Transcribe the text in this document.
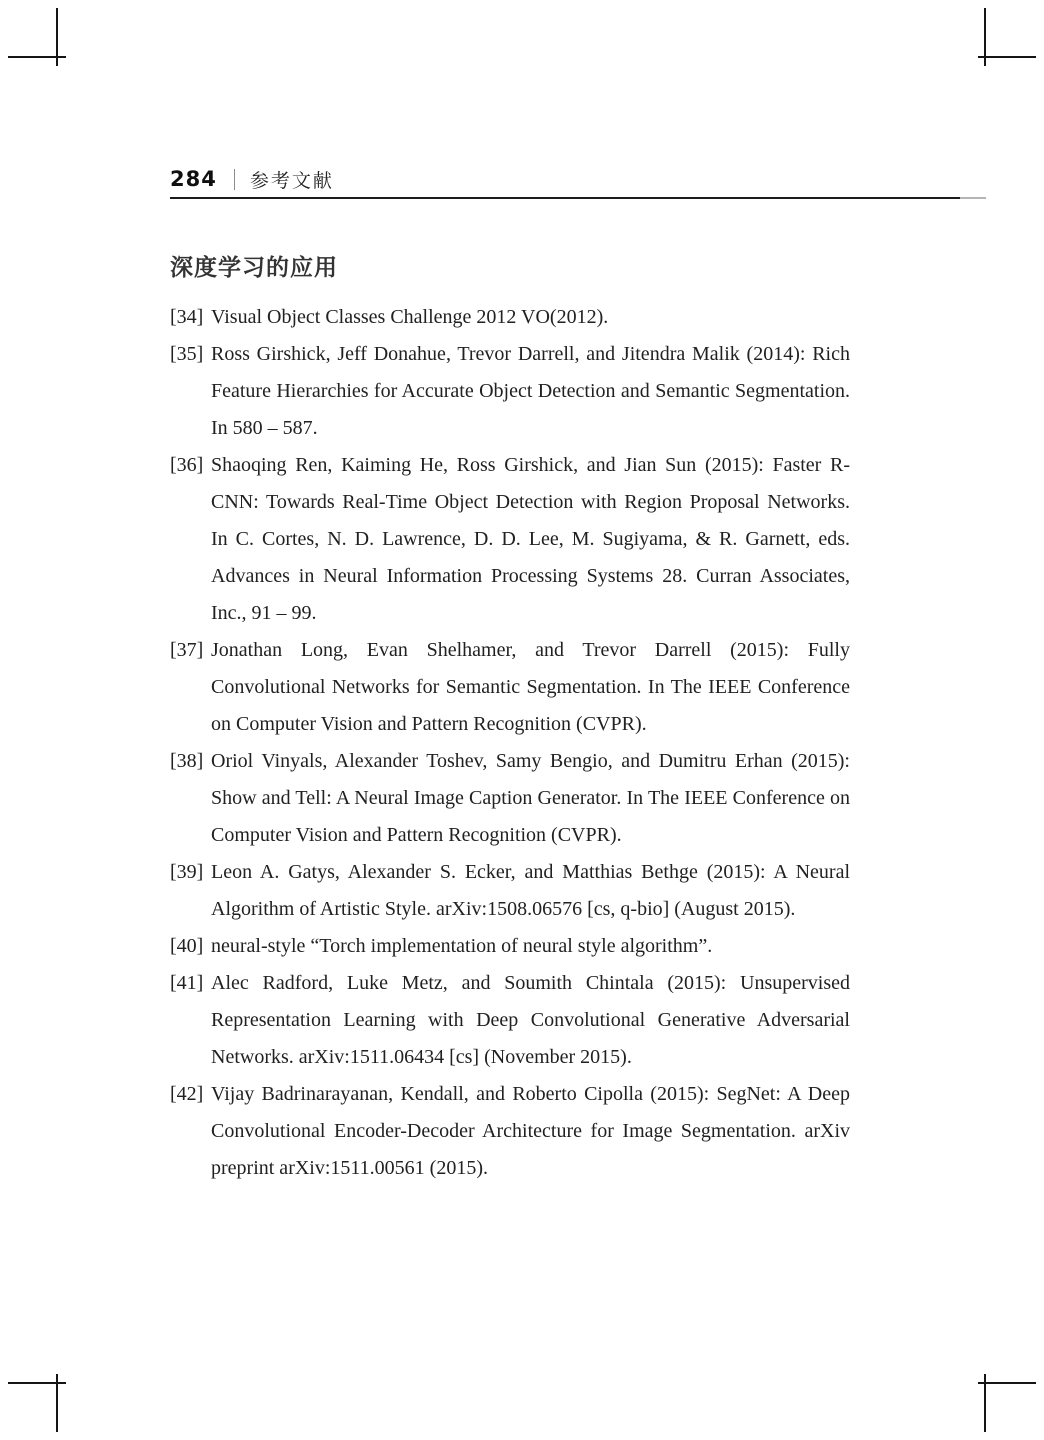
284 参考文献
深度学习的应用
[34] Visual Object Classes Challenge 2012 VO(2012).
[35] Ross Girshick, Jeff Donahue, Trevor Darrell, and Jitendra Malik (2014): Rich Feature Hierarchies for Accurate Object Detection and Semantic Segmentation. In 580 – 587.
[36] Shaoqing Ren, Kaiming He, Ross Girshick, and Jian Sun (2015): Faster R-CNN: Towards Real-Time Object Detection with Region Proposal Networks. In C. Cortes, N. D. Lawrence, D. D. Lee, M. Sugiyama, & R. Garnett, eds. Advances in Neural Information Processing Systems 28. Curran Associates, Inc., 91 – 99.
[37] Jonathan Long, Evan Shelhamer, and Trevor Darrell (2015): Fully Convolutional Networks for Semantic Segmentation. In The IEEE Conference on Computer Vision and Pattern Recognition (CVPR).
[38] Oriol Vinyals, Alexander Toshev, Samy Bengio, and Dumitru Erhan (2015): Show and Tell: A Neural Image Caption Generator. In The IEEE Conference on Computer Vision and Pattern Recognition (CVPR).
[39] Leon A. Gatys, Alexander S. Ecker, and Matthias Bethge (2015): A Neural Algorithm of Artistic Style. arXiv:1508.06576 [cs, q-bio] (August 2015).
[40] neural-style “Torch implementation of neural style algorithm”.
[41] Alec Radford, Luke Metz, and Soumith Chintala (2015): Unsupervised Representation Learning with Deep Convolutional Generative Adversarial Networks. arXiv:1511.06434 [cs] (November 2015).
[42] Vijay Badrinarayanan, Kendall, and Roberto Cipolla (2015): SegNet: A Deep Convolutional Encoder-Decoder Architecture for Image Segmentation. arXiv preprint arXiv:1511.00561 (2015).
